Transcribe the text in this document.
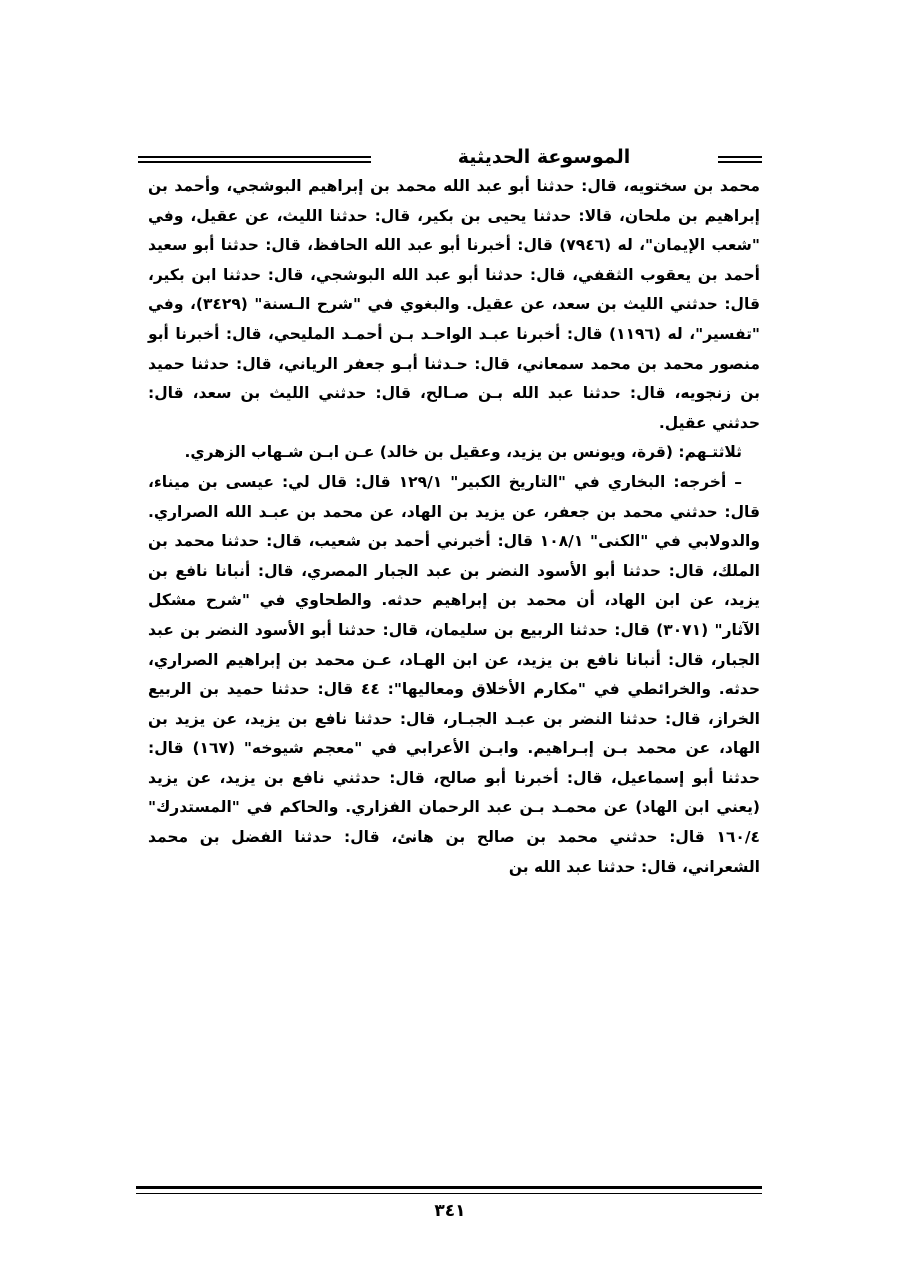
الموسوعة الحديثية

محمد بن سختويه، قال: حدثنا أبو عبد الله محمد بن إبراهيم البوشجي، وأحمد بن إبراهيم بن ملحان، قالا: حدثنا يحيى بن بكير، قال: حدثنا الليث، عن عقيل، وفي "شعب الإيمان"، له (٧٩٤٦) قال: أخبرنا أبو عبد الله الحافظ، قال: حدثنا أبو سعيد أحمد بن يعقوب الثقفي، قال: حدثنا أبو عبد الله البوشجي، قال: حدثنا ابن بكير، قال: حدثني الليث بن سعد، عن عقيل. والبغوي في "شرح الـسنة" (٣٤٢٩)، وفي "تفسير"، له (١١٩٦) قال: أخبرنا عبـد الواحـد بـن أحمـد المليحي، قال: أخبرنا أبو منصور محمد بن محمد سمعاني، قال: حـدثنا أبـو جعفر الرياني، قال: حدثنا حميد بن زنجويه، قال: حدثنا عبد الله بـن صـالح، قال: حدثني الليث بن سعد، قال: حدثني عقيل.

ثلاثتـهم: (قرة، ويونس بن يزيد، وعقيل بن خالد) عـن ابـن شـهاب الزهري.

– أخرجه: البخاري في "التاريخ الكبير" ١٢٩/١ قال: قال لي: عيسى بن ميناء، قال: حدثني محمد بن جعفر، عن يزيد بن الهاد، عن محمد بن عبـد الله الصراري. والدولابي في "الكنى" ١٠٨/١ قال: أخبرني أحمد بن شعيب، قال: حدثنا محمد بن الملك، قال: حدثنا أبو الأسود النضر بن عبد الجبار المصري، قال: أنبانا نافع بن يزيد، عن ابن الهاد، أن محمد بن إبراهيم حدثه. والطحاوي في "شرح مشكل الآثار" (٣٠٧١) قال: حدثنا الربيع بن سليمان، قال: حدثنا أبو الأسود النضر بن عبد الجبار، قال: أنبانا نافع بن يزيد، عن ابن الهـاد، عـن محمد بن إبراهيم الصراري، حدثه. والخرائطي في "مكارم الأخلاق ومعاليها": ٤٤ قال: حدثنا حميد بن الربيع الخراز، قال: حدثنا النضر بن عبـد الجبـار، قال: حدثنا نافع بن يزيد، عن يزيد بن الهاد، عن محمد بـن إبـراهيم. وابـن الأعرابي في "معجم شيوخه" (١٦٧) قال: حدثنا أبو إسماعيل، قال: أخبرنا أبو صالح، قال: حدثني نافع بن يزيد، عن يزيد (يعني ابن الهاد) عن محمـد بـن عبد الرحمان الفزاري. والحاكم في "المستدرك" ١٦٠/٤ قال: حدثني محمد بن صالح بن هانئ، قال: حدثنا الفضل بن محمد الشعراني، قال: حدثنا عبد الله بن

٣٤١
